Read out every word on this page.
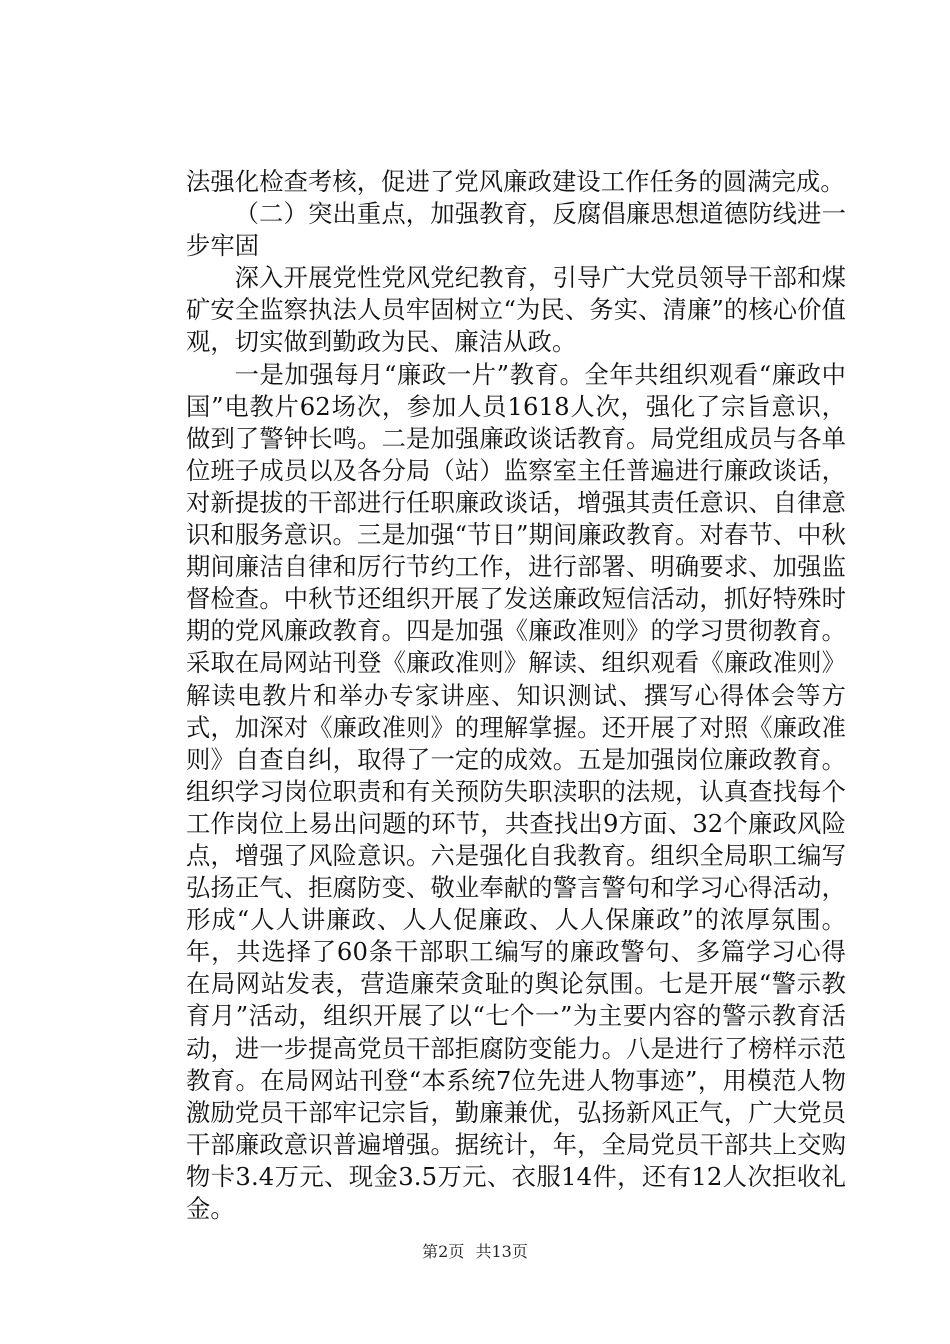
法强化检查考核，促进了党风廉政建设工作任务的圆满完成。

（二）突出重点，加强教育，反腐倡廉思想道德防线进一步牢固

深入开展党性党风党纪教育，引导广大党员领导干部和煤矿安全监察执法人员牢固树立“为民、务实、清廉”的核心价值观，切实做到勤政为民、廉洁从政。

一是加强每月“廉政一片”教育。全年共组织观看“廉政中国”电教片62场次，参加人员1618人次，强化了宗旨意识，做到了警钟长鸣。二是加强廉政谈话教育。局党组成员与各单位班子成员以及各分局（站）监察室主任普遍进行廉政谈话，对新提拔的干部进行任职廉政谈话，增强其责任意识、自律意识和服务意识。三是加强“节日”期间廉政教育。对春节、中秋期间廉洁自律和厉行节约工作，进行部署、明确要求、加强监督检查。中秋节还组织开展了发送廉政短信活动，抓好特殊时期的党风廉政教育。四是加强《廉政准则》的学习贯彻教育。采取在局网站刊登《廉政准则》解读、组织观看《廉政准则》解读电教片和举办专家讲座、知识测试、撰写心得体会等方式，加深对《廉政准则》的理解掌握。还开展了对照《廉政准则》自查自纠，取得了一定的成效。五是加强岗位廉政教育。组织学习岗位职责和有关预防失职渎职的法规，认真查找每个工作岗位上易出问题的环节，共查找出9方面、32个廉政风险点，增强了风险意识。六是强化自我教育。组织全局职工编写弘扬正气、拒腐防变、敬业奉献的警言警句和学习心得活动，形成“人人讲廉政、人人促廉政、人人保廉政”的浓厚氛围。年，共选择了60条干部职工编写的廉政警句、多篇学习心得在局网站发表，营造廉荣贪耻的舆论氛围。七是开展“警示教育月”活动，组织开展了以“七个一”为主要内容的警示教育活动，进一步提高党员干部拒腐防变能力。八是进行了榜样示范教育。在局网站刊登“本系统7位先进人物事迹”，用模范人物激励党员干部牢记宗旨，勤廉兼优，弘扬新风正气，广大党员干部廉政意识普遍增强。据统计，年，全局党员干部共上交购物卡3.4万元、现金3.5万元、衣服14件，还有12人次拒收礼金。

第2页 共13页
